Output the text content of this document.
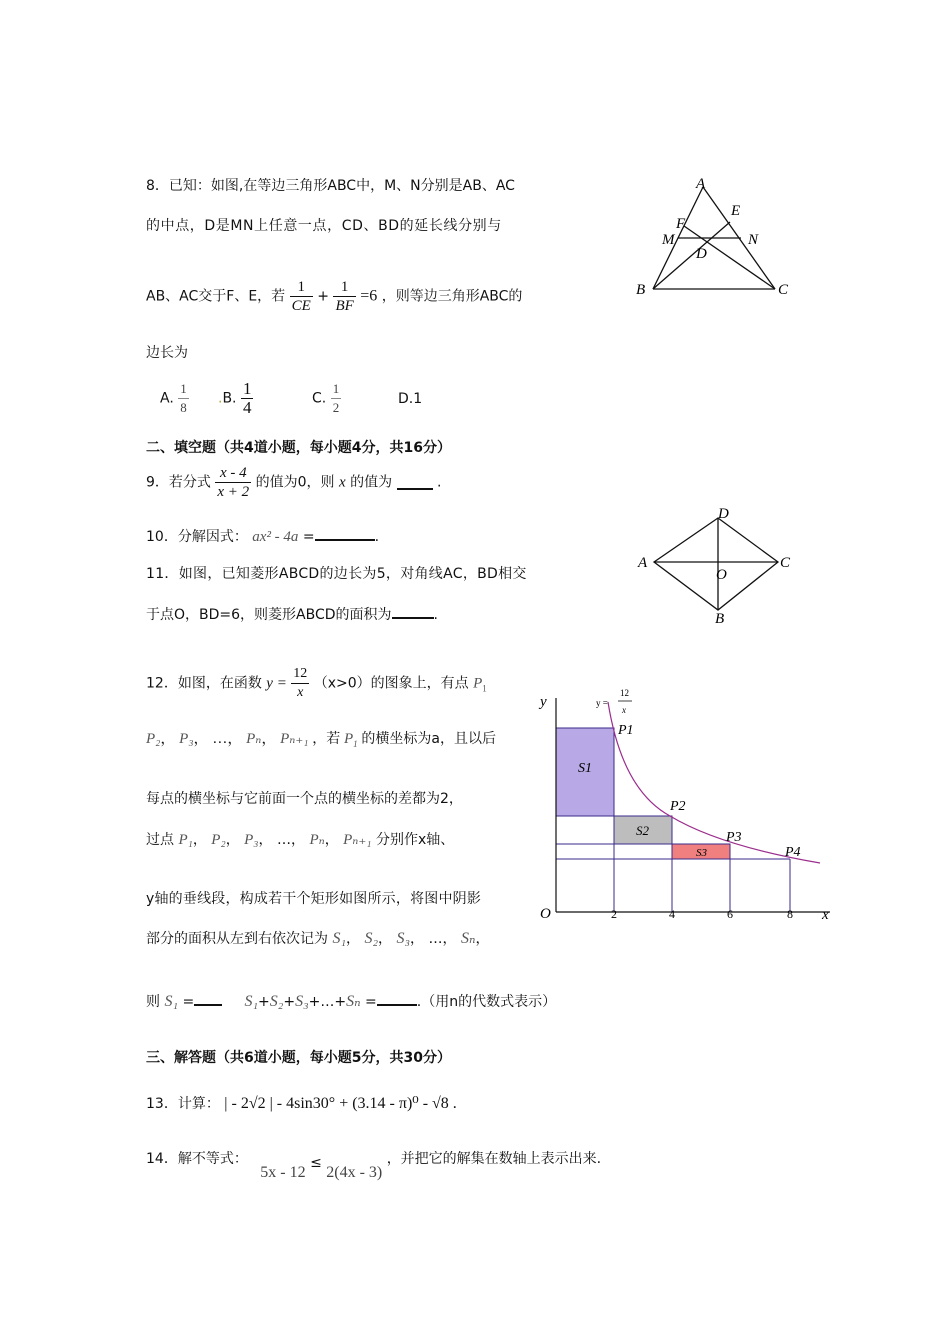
8．已知：如图,在等边三角形ABC中，M、N分别是AB、AC
的中点，D是MN上任意一点，CD、BD的延长线分别与
AB、AC交于F、E，若 $\frac{1}{CE} + \frac{1}{BF} =6$ ，则等边三角形ABC的
边长为
A. $\frac{1}{8} .B$. $\frac{1}{4}$	C. $\frac{1}{2}$	D.1
A
B	C
D
E
F
M	N
二、填空题（共4道小题，每小题4分，共16分）
9．若分式 $\frac{x - 4}{x + 2}$ 的值为0，则 x 的值为	.
10．分解因式： ax² - 4a =	.
11．如图，已知菱形ABCD的边长为5，对角线AC，BD相交
于点O，BD=6，则菱形ABCD的面积为	.
D
A	C
O
B
12．如图，在函数 $y = \frac{12}{x} (x>0)$的图象上，有点 $P_1$
P₂， P₃， …， Pₙ， Pₙ₊₁ ，若 $P_1$ 的横坐标为a，且以后
每点的横坐标与它前面一个点的横坐标的差都为2，
过点 P₁， P₂， P₃， …， Pₙ， Pₙ₊₁ 分别作x轴、
y轴的垂线段，构成若干个矩形如图所示，将图中阴影
部分的面积从左到右依次记为 S₁， S₂， S₃， …， Sₙ，
则 S₁ =	S₁+S₂+S₃+…+Sₙ =	.（用n的代数式表示）
y
x
O	2	4	6	8
P1
P2
P3
P4
S1
S2
S3
y =
12
x
三、解答题（共6道小题，每小题5分，共30分）
13．计算： | - 2√2 | - 4sin30° + (3.14 - π)⁰ - √8 .
14．解不等式： 5x - 12 ≤ 2(4x - 3) ，并把它的解集在数轴上表示出来.
